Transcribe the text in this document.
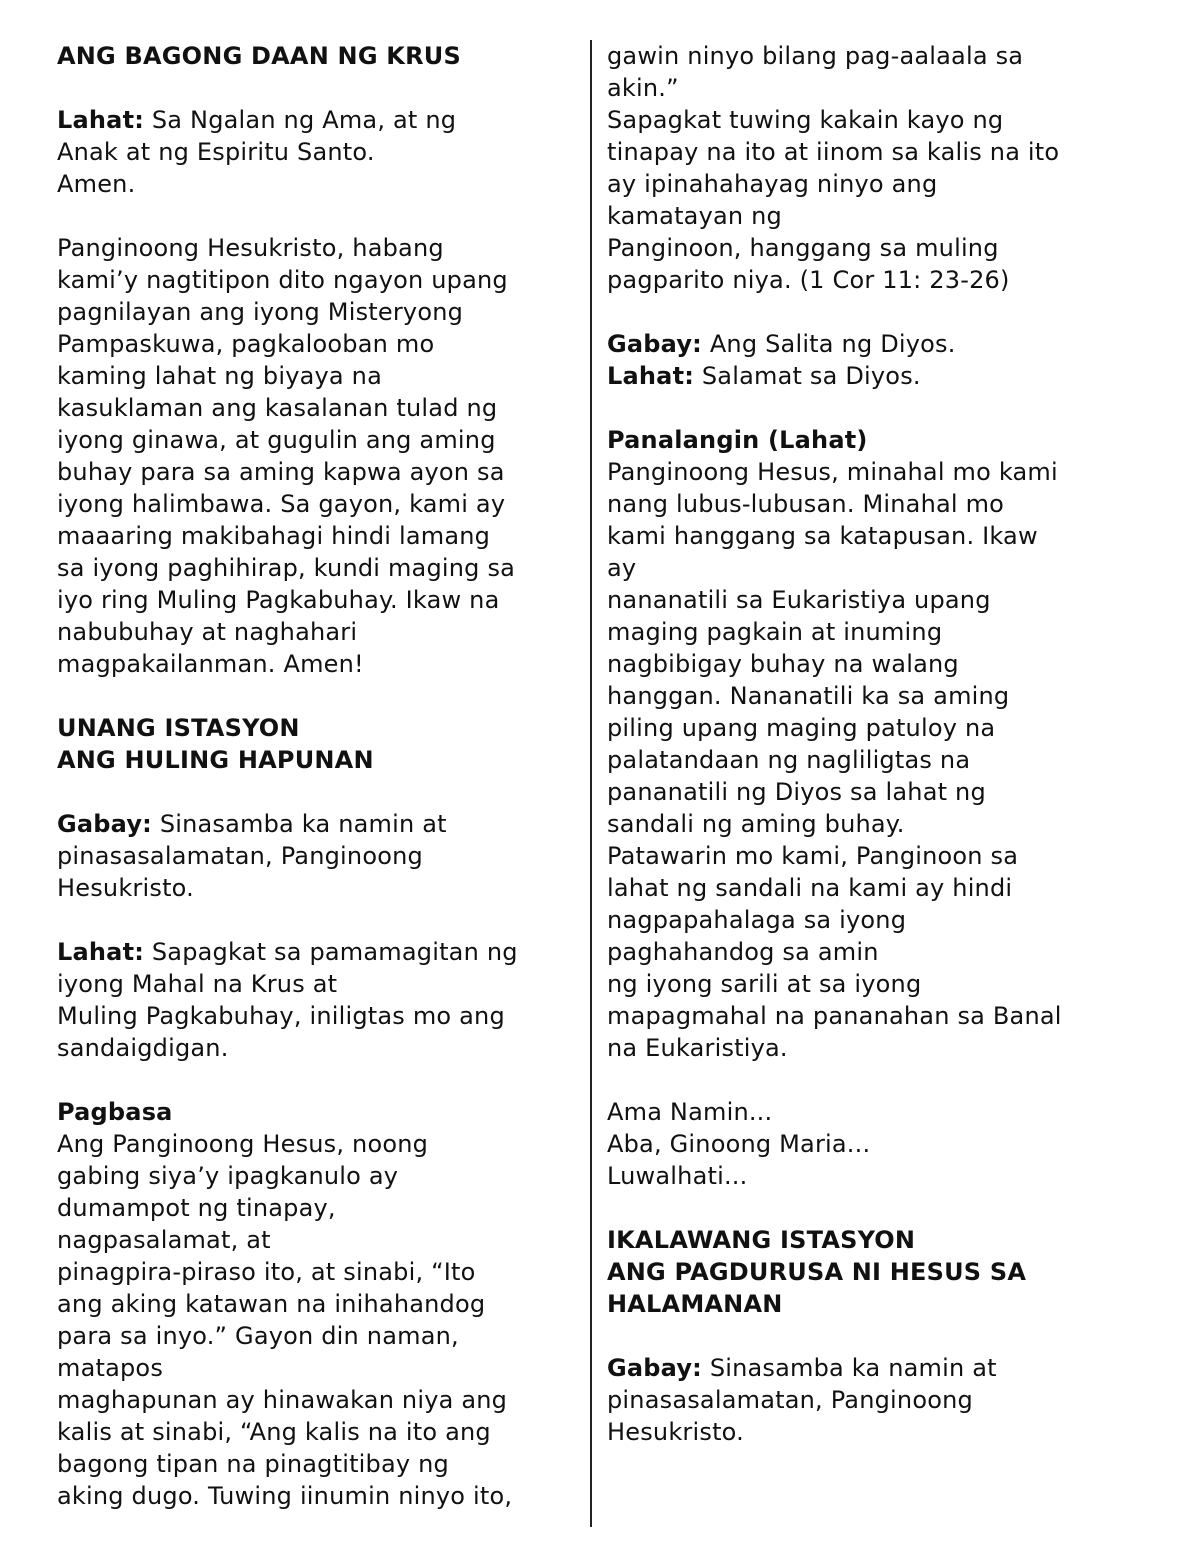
ANG BAGONG DAAN NG KRUS
Lahat: Sa Ngalan ng Ama, at ng
Anak at ng Espiritu Santo.
Amen.
Panginoong Hesukristo, habang
kami’y nagtitipon dito ngayon upang
pagnilayan ang iyong Misteryong
Pampaskuwa, pagkalooban mo
kaming lahat ng biyaya na
kasuklaman ang kasalanan tulad ng
iyong ginawa, at gugulin ang aming
buhay para sa aming kapwa ayon sa
iyong halimbawa. Sa gayon, kami ay
maaaring makibahagi hindi lamang
sa iyong paghihirap, kundi maging sa
iyo ring Muling Pagkabuhay. Ikaw na
nabubuhay at naghahari
magpakailanman. Amen!
UNANG ISTASYON
ANG HULING HAPUNAN
Gabay: Sinasamba ka namin at
pinasasalamatan, Panginoong
Hesukristo.
Lahat: Sapagkat sa pamamagitan ng
iyong Mahal na Krus at
Muling Pagkabuhay, iniligtas mo ang
sandaigdigan.
Pagbasa
Ang Panginoong Hesus, noong
gabing siya’y ipagkanulo ay
dumampot ng tinapay,
nagpasalamat, at
pinagpira-piraso ito, at sinabi, “Ito
ang aking katawan na inihahandog
para sa inyo.” Gayon din naman,
matapos
maghapunan ay hinawakan niya ang
kalis at sinabi, “Ang kalis na ito ang
bagong tipan na pinagtitibay ng
aking dugo. Tuwing iinumin ninyo ito,
gawin ninyo bilang pag-aalaala sa
akin.”
Sapagkat tuwing kakain kayo ng
tinapay na ito at iinom sa kalis na ito
ay ipinahahayag ninyo ang
kamatayan ng
Panginoon, hanggang sa muling
pagparito niya. (1 Cor 11: 23-26)
Gabay: Ang Salita ng Diyos.
Lahat: Salamat sa Diyos.
Panalangin (Lahat)
Panginoong Hesus, minahal mo kami
nang lubus-lubusan. Minahal mo
kami hanggang sa katapusan. Ikaw
ay
nananatili sa Eukaristiya upang
maging pagkain at inuming
nagbibigay buhay na walang
hanggan. Nananatili ka sa aming
piling upang maging patuloy na
palatandaan ng nagliligtas na
pananatili ng Diyos sa lahat ng
sandali ng aming buhay.
Patawarin mo kami, Panginoon sa
lahat ng sandali na kami ay hindi
nagpapahalaga sa iyong
paghahandog sa amin
ng iyong sarili at sa iyong
mapagmahal na pananahan sa Banal
na Eukaristiya.
Ama Namin...
Aba, Ginoong Maria...
Luwalhati...
IKALAWANG ISTASYON
ANG PAGDURUSA NI HESUS SA
HALAMANAN
Gabay: Sinasamba ka namin at
pinasasalamatan, Panginoong
Hesukristo.
